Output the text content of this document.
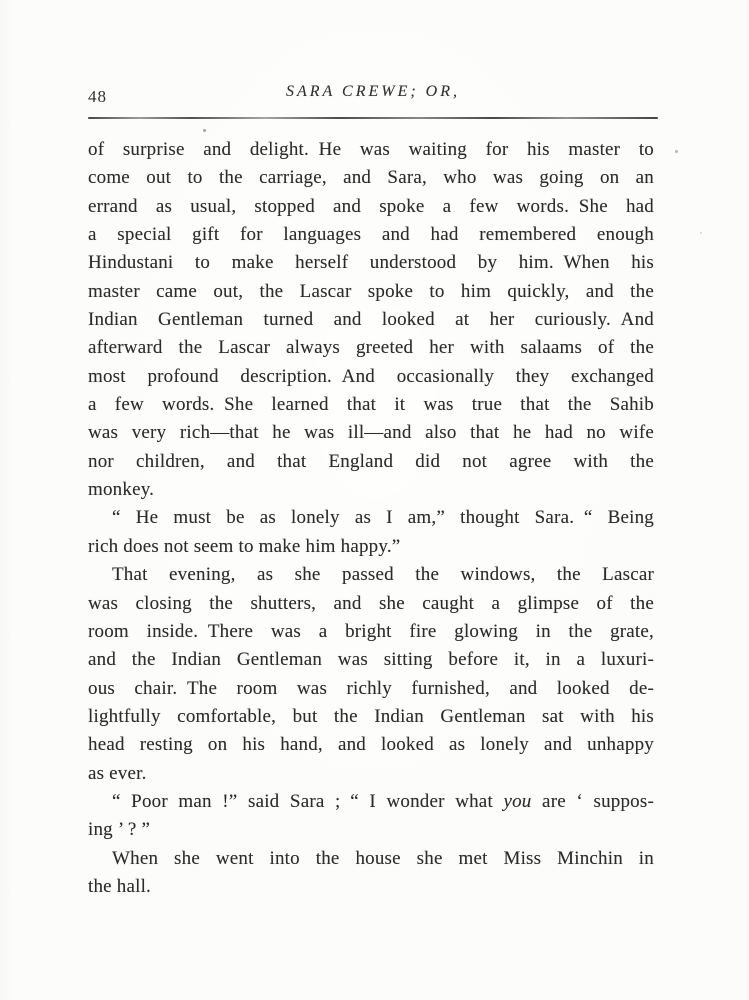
48	SARA CREWE; OR,
of surprise and delight. He was waiting for his master to
come out to the carriage, and Sara, who was going on an
errand as usual, stopped and spoke a few words. She had
a special gift for languages and had remembered enough
Hindustani to make herself understood by him. When his
master came out, the Lascar spoke to him quickly, and the
Indian Gentleman turned and looked at her curiously. And
afterward the Lascar always greeted her with salaams of the
most profound description. And occasionally they exchanged
a few words. She learned that it was true that the Sahib
was very rich—that he was ill—and also that he had no wife
nor children, and that England did not agree with the
monkey.
“ He must be as lonely as I am,” thought Sara. “ Being
rich does not seem to make him happy.”
That evening, as she passed the windows, the Lascar
was closing the shutters, and she caught a glimpse of the
room inside. There was a bright fire glowing in the grate,
and the Indian Gentleman was sitting before it, in a luxuri-
ous chair. The room was richly furnished, and looked de-
lightfully comfortable, but the Indian Gentleman sat with his
head resting on his hand, and looked as lonely and unhappy
as ever.
“ Poor man !” said Sara ; “ I wonder what you are ‘ suppos-
ing ’ ? ”
When she went into the house she met Miss Minchin in
the hall.
